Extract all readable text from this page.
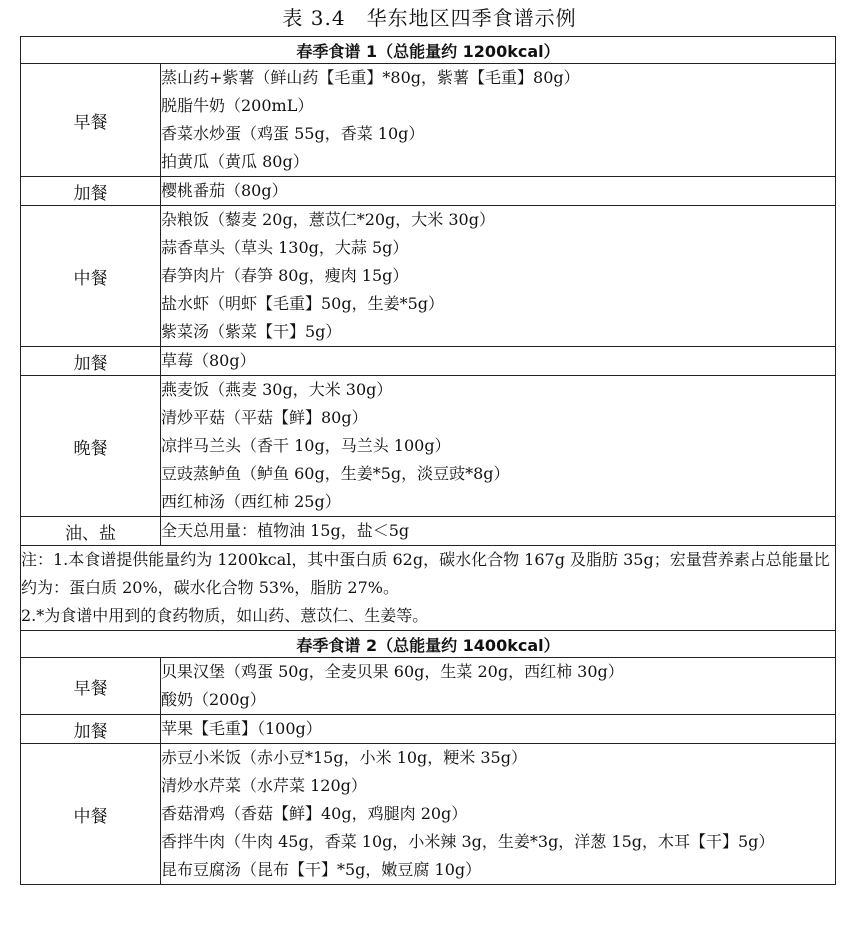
表 3.4　华东地区四季食谱示例
春季食谱 1（总能量约 1200kcal）	
早餐	蒸山药+紫薯（鲜山药【毛重】*80g，紫薯【毛重】80g）
脱脂牛奶（200mL）
香菜水炒蛋（鸡蛋 55g，香菜 10g）
拍黄瓜（黄瓜 80g）

加餐	樱桃番茄（80g）

中餐	杂粮饭（藜麦 20g，薏苡仁*20g，大米 30g）
蒜香草头（草头 130g，大蒜 5g）
春笋肉片（春笋 80g，瘦肉 15g）
盐水虾（明虾【毛重】50g，生姜*5g）
紫菜汤（紫菜【干】5g）

加餐	草莓（80g）

晚餐	燕麦饭（燕麦 30g，大米 30g）
清炒平菇（平菇【鲜】80g）
凉拌马兰头（香干 10g，马兰头 100g）
豆豉蒸鲈鱼（鲈鱼 60g，生姜*5g，淡豆豉*8g）
西红柿汤（西红柿 25g）

油、盐	全天总用量：植物油 15g，盐＜5g

注：1.本食谱提供能量约为 1200kcal，其中蛋白质 62g，碳水化合物 167g 及脂肪 35g；宏量营养素占总能量比约为：蛋白质 20%，碳水化合物 53%，脂肪 27%。
2.*为食谱中用到的食药物质，如山药、薏苡仁、生姜等。	

春季食谱 2（总能量约 1400kcal）	
早餐	贝果汉堡（鸡蛋 50g，全麦贝果 60g，生菜 20g，西红柿 30g）
酸奶（200g）

加餐	苹果【毛重】（100g）

中餐	赤豆小米饭（赤小豆*15g，小米 10g，粳米 35g）
清炒水芹菜（水芹菜 120g）
香菇滑鸡（香菇【鲜】40g，鸡腿肉 20g）
香拌牛肉（牛肉 45g，香菜 10g，小米辣 3g，生姜*3g，洋葱 15g，木耳【干】5g）
昆布豆腐汤（昆布【干】*5g，嫩豆腐 10g）
